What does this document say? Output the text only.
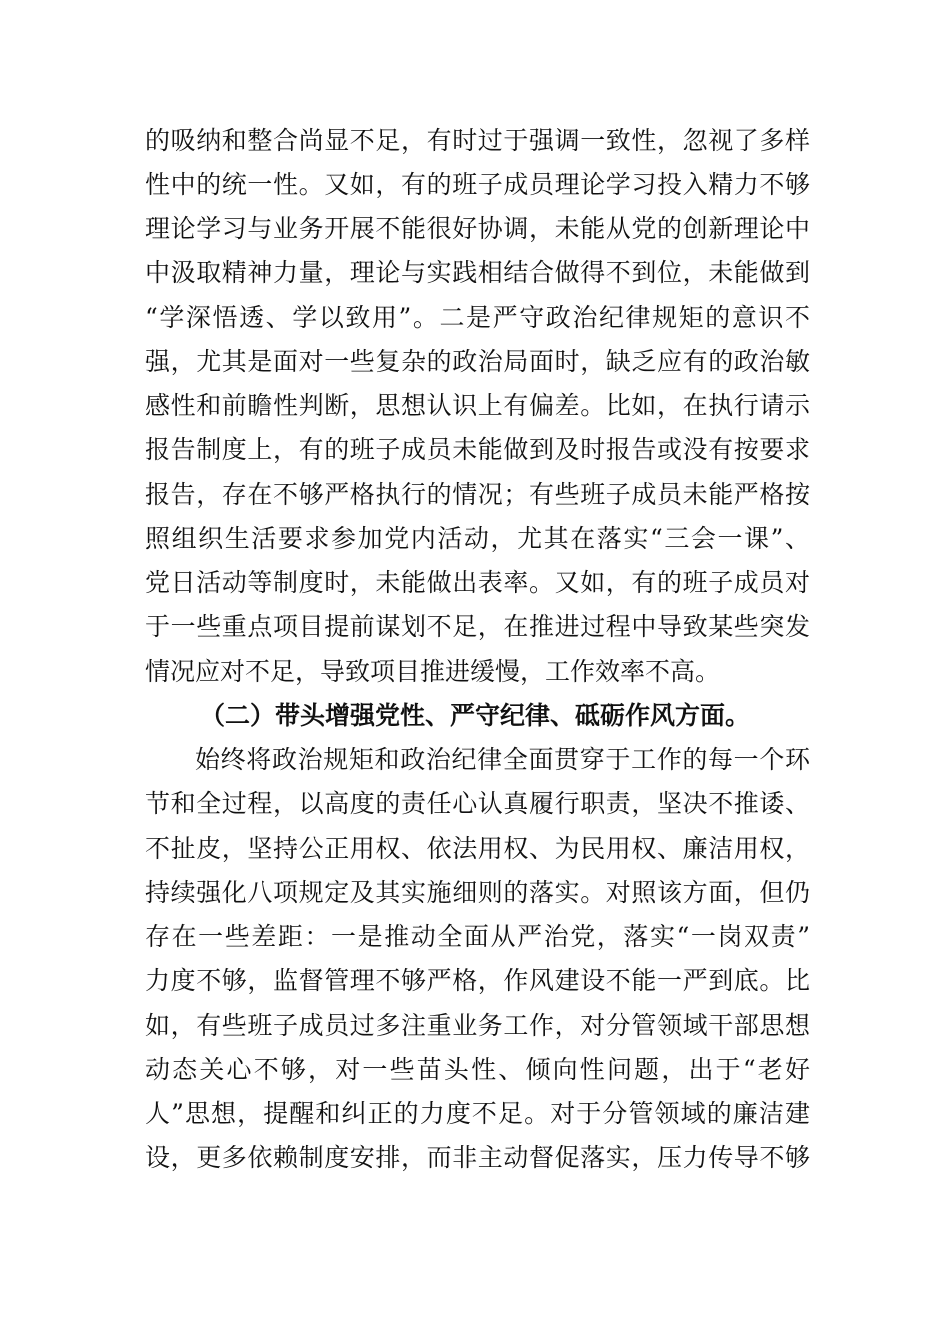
的吸纳和整合尚显不足，有时过于强调一致性，忽视了多样
性中的统一性。又如，有的班子成员理论学习投入精力不够
理论学习与业务开展不能很好协调，未能从党的创新理论中
中汲取精神力量，理论与实践相结合做得不到位，未能做到
“学深悟透、学以致用”。二是严守政治纪律规矩的意识不
强，尤其是面对一些复杂的政治局面时，缺乏应有的政治敏
感性和前瞻性判断，思想认识上有偏差。比如，在执行请示
报告制度上，有的班子成员未能做到及时报告或没有按要求
报告，存在不够严格执行的情况；有些班子成员未能严格按
照组织生活要求参加党内活动，尤其在落实“三会一课”、
党日活动等制度时，未能做出表率。又如，有的班子成员对
于一些重点项目提前谋划不足，在推进过程中导致某些突发
情况应对不足，导致项目推进缓慢，工作效率不高。
（二）带头增强党性、严守纪律、砥砺作风方面。
始终将政治规矩和政治纪律全面贯穿于工作的每一个环
节和全过程，以高度的责任心认真履行职责，坚决不推诿、
不扯皮，坚持公正用权、依法用权、为民用权、廉洁用权，
持续强化八项规定及其实施细则的落实。对照该方面，但仍
存在一些差距：一是推动全面从严治党，落实“一岗双责”
力度不够，监督管理不够严格，作风建设不能一严到底。比
如，有些班子成员过多注重业务工作，对分管领域干部思想
动态关心不够，对一些苗头性、倾向性问题，出于“老好
人”思想，提醒和纠正的力度不足。对于分管领域的廉洁建
设，更多依赖制度安排，而非主动督促落实，压力传导不够
